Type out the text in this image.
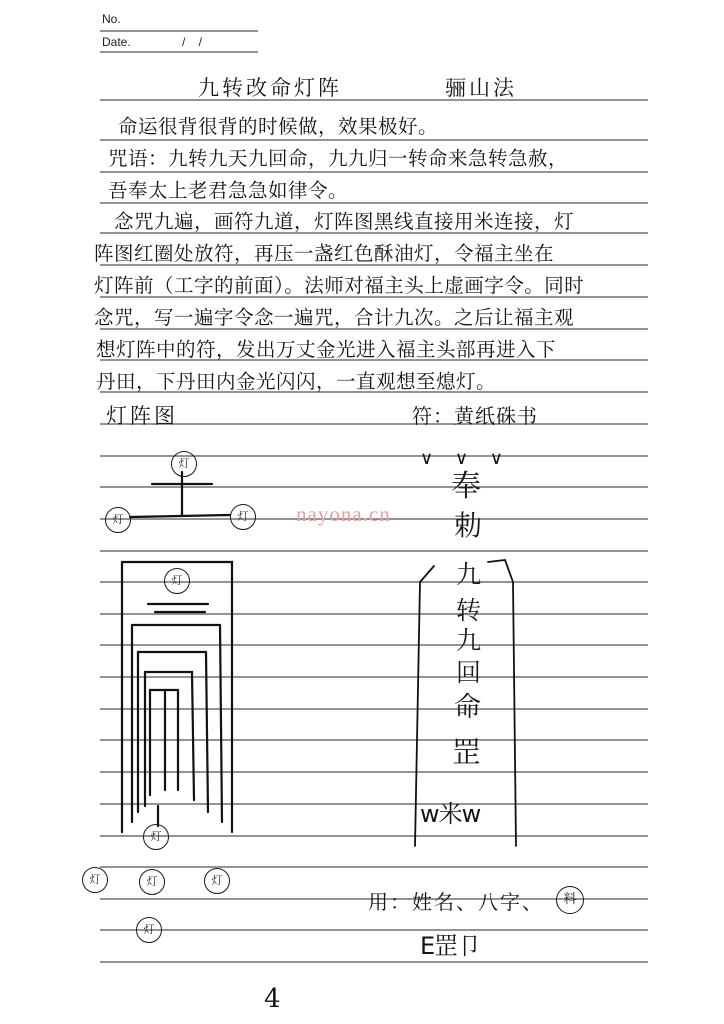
No.
Date.	/    /
九转改命灯阵	骊山法
命运很背很背的时候做，效果极好。
咒语：九转九天九回命，九九归一转命来急转急赦，
吾奉太上老君急急如律令。
念咒九遍，画符九道，灯阵图黑线直接用米连接，灯
阵图红圈处放符，再压一盏红色酥油灯，令福主坐在
灯阵前（工字的前面）。法师对福主头上虚画字令。同时
念咒，写一遍字令念一遍咒，合计九次。之后让福主观
想灯阵中的符，发出万丈金光进入福主头部再进入下
丹田，下丹田内金光闪闪，一直观想至熄灯。
灯阵图	符：黄纸硃书
nayona.cn
灯
灯	灯
灯
灯
灯	灯	灯
灯
∨ ∨ ∨
奉
勅
九
转
九
回
命
罡
ᴡ米ᴡ
用：姓名、八字、	料
E罡卩
4
